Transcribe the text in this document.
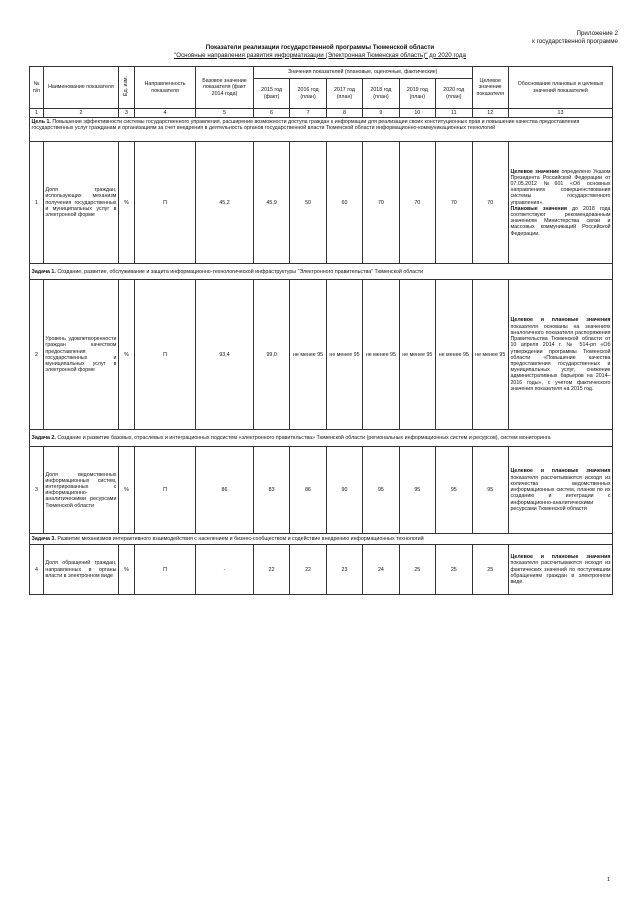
Приложение 2
к государственной программе
Показатели реализации государственной программы Тюменской области
"Основные направления развития информатизации (Электронная Тюменская область)" до 2020 года
№ п/п	Наименование показателя	Ед. изм.	Направленность показателя	Базовое значение показателя (факт 2014 года)	Значения показателей (плановые, оценочные, фактические)						Целевое значение показателя	Обоснование плановых и целевых значений показателей
					2015 год (факт)	2016 год (план)	2017 год (план)	2018 год (план)	2019 год (план)	2020 год (план)		
1	2	3	4	5	6	7	8	9	10	11	12	13
Цель 1. Повышение эффективности системы государственного управления, расширение возможности доступа граждан к информации для реализации своих конституционных прав и повышение качества предоставления государственных услуг гражданам и организациям за счет внедрения в деятельность органов государственной власти Тюменской области информационно-коммуникационных технологий												
1	Доля граждан, использующих механизм получения государственных и муниципальных услуг в электронной форме	%	П	45,2	45,9	50	60	70	70	70	70	Целевое значение определено Указом Президента Российской Федерации от 07.05.2012 №601 «Об основных направлениях совершенствования системы государственного управления».
Плановые значения до 2018 года соответствуют рекомендованным значениям Министерства связи и массовых коммуникаций Российской Федерации.
Задача 1. Создание, развитие, обслуживание и защита информационно-технологической инфраструктуры "Электронного правительства" Тюменской области												
2	Уровень удовлетворенности граждан качеством предоставления государственных и муниципальных услуг в электронной форме	%	П	93,4	99,0	не менее 95	не менее 95	не менее 95	не менее 95	не менее 95	не менее 95	Целевое и плановые значения показателя основаны на значениях аналогичного показателя распоряжения Правительства Тюменской области от 10 апреля 2014 г. № 514-рп «Об утверждении программы Тюменской области «Повышение качества предоставления государственных и муниципальных услуг, снижение административных барьеров на 2014–2016 годы», с учетом фактического значения показателя на 2015 год.
Задача 2. Создание и развитие базовых, отраслевых и интеграционных подсистем «электронного правительства» Тюменской области (региональных информационных систем и ресурсов), систем мониторинга												
3	Доля ведомственных информационных систем, интегрированных с информационно-аналитическими ресурсами Тюменской области	%	П	86	83	86	90	95	95	95	95	Целевое и плановые значения показателя рассчитываются исходя из количества ведомственных информационных систем, планов по их созданию и интеграции с информационно-аналитическими ресурсами Тюменской области
Задача 3. Развитие механизмов интерактивного взаимодействия с населением и бизнес-сообществом и содействие внедрению информационных технологий												
4	Доля обращений граждан, направленных в органы власти в электронном виде	%	П	-	22	22	23	24	25	25	25	Целевое и плановые значения показателя рассчитываются исходя из фактических значений по поступившим обращениям граждан в электронном виде.
1
